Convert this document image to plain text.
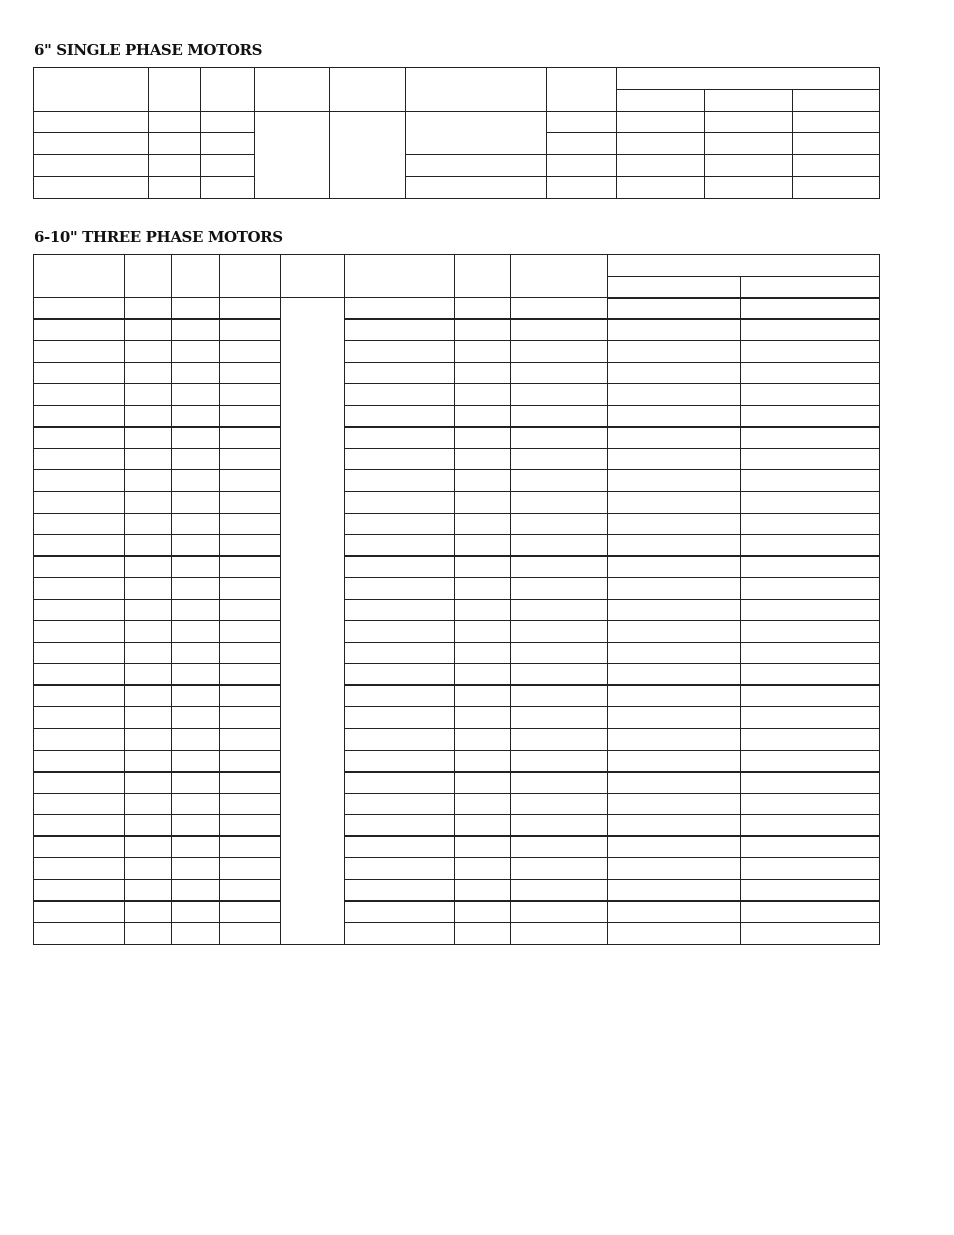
6" SINGLE PHASE MOTORS

6-10" THREE PHASE MOTORS
